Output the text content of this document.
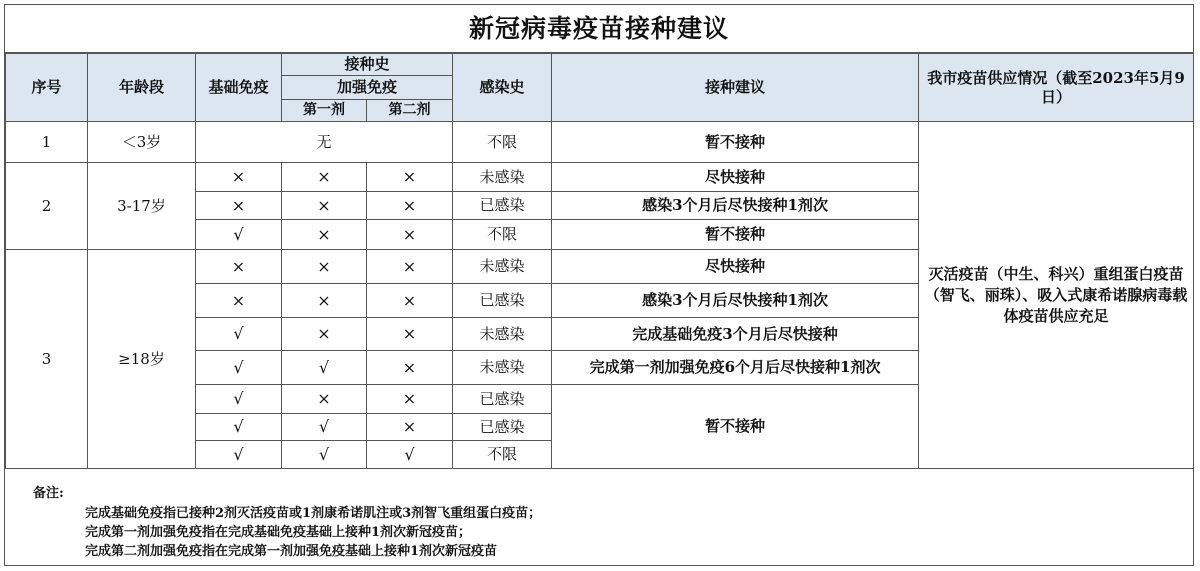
新冠病毒疫苗接种建议
序号	年龄段	基础免疫	接种史		感染史	接种建议	我市疫苗供应情况（截至2023年5月9日）
			加强免疫				
			第一剂	第二剂			
1	＜3岁	无			不限	暂不接种	灭活疫苗（中生、科兴）重组蛋白疫苗（智飞、丽珠）、吸入式康希诺腺病毒载体疫苗供应充足
2	3-17岁	×	×	×	未感染	尽快接种	
		×	×	×	已感染	感染3个月后尽快接种1剂次	
		√	×	×	不限	暂不接种	
3	≥18岁	×	×	×	未感染	尽快接种	
		×	×	×	已感染	感染3个月后尽快接种1剂次	
		√	×	×	未感染	完成基础免疫3个月后尽快接种	
		√	√	×	未感染	完成第一剂加强免疫6个月后尽快接种1剂次	
		√	×	×	已感染	暂不接种	
		√	√	×	已感染		
		√	√	√	不限		
备注:
完成基础免疫指已接种2剂灭活疫苗或1剂康希诺肌注或3剂智飞重组蛋白疫苗；
完成第一剂加强免疫指在完成基础免疫基础上接种1剂次新冠疫苗；
完成第二剂加强免疫指在完成第一剂加强免疫基础上接种1剂次新冠疫苗
